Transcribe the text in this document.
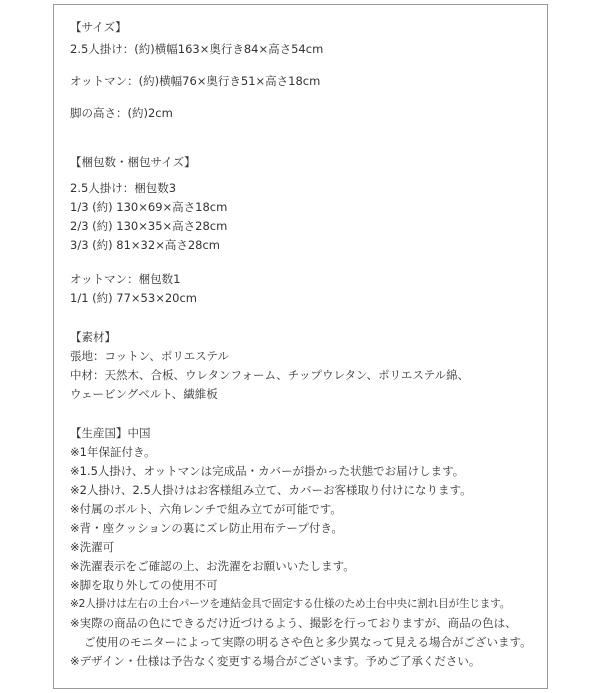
【サイズ】
2.5人掛け：(約)横幅163×奥行き84×高さ54cm
オットマン：(約)横幅76×奥行き51×高さ18cm
脚の高さ：(約)2cm
【梱包数・梱包サイズ】
2.5人掛け：梱包数3
1/3 (約) 130×69×高さ18cm
2/3 (約) 130×35×高さ28cm
3/3 (約) 81×32×高さ28cm
オットマン：梱包数1
1/1 (約) 77×53×20cm
【素材】
張地：コットン、ポリエステル
中材：天然木、合板、ウレタンフォーム、チップウレタン、ポリエステル綿、
ウェービングベルト、繊維板
【生産国】中国
※1年保証付き。
※1.5人掛け、オットマンは完成品・カバーが掛かった状態でお届けします。
※2人掛け、2.5人掛けはお客様組み立て、カバーお客様取り付けになります。
※付属のボルト、六角レンチで組み立てが可能です。
※背・座クッションの裏にズレ防止用布テープ付き。
※洗濯可
※洗濯表示をご確認の上、お洗濯をお願いいたします。
※脚を取り外しての使用不可
※2人掛けは左右の土台パーツを連結金具で固定する仕様のため土台中央に割れ目が生じます。
※実際の商品の色にできるだけ近づけるよう、撮影を行っておりますが、商品の色は、
ご使用のモニターによって実際の明るさや色と多少異なって見える場合がございます。
※デザイン・仕様は予告なく変更する場合がございます。予めご了承ください。
